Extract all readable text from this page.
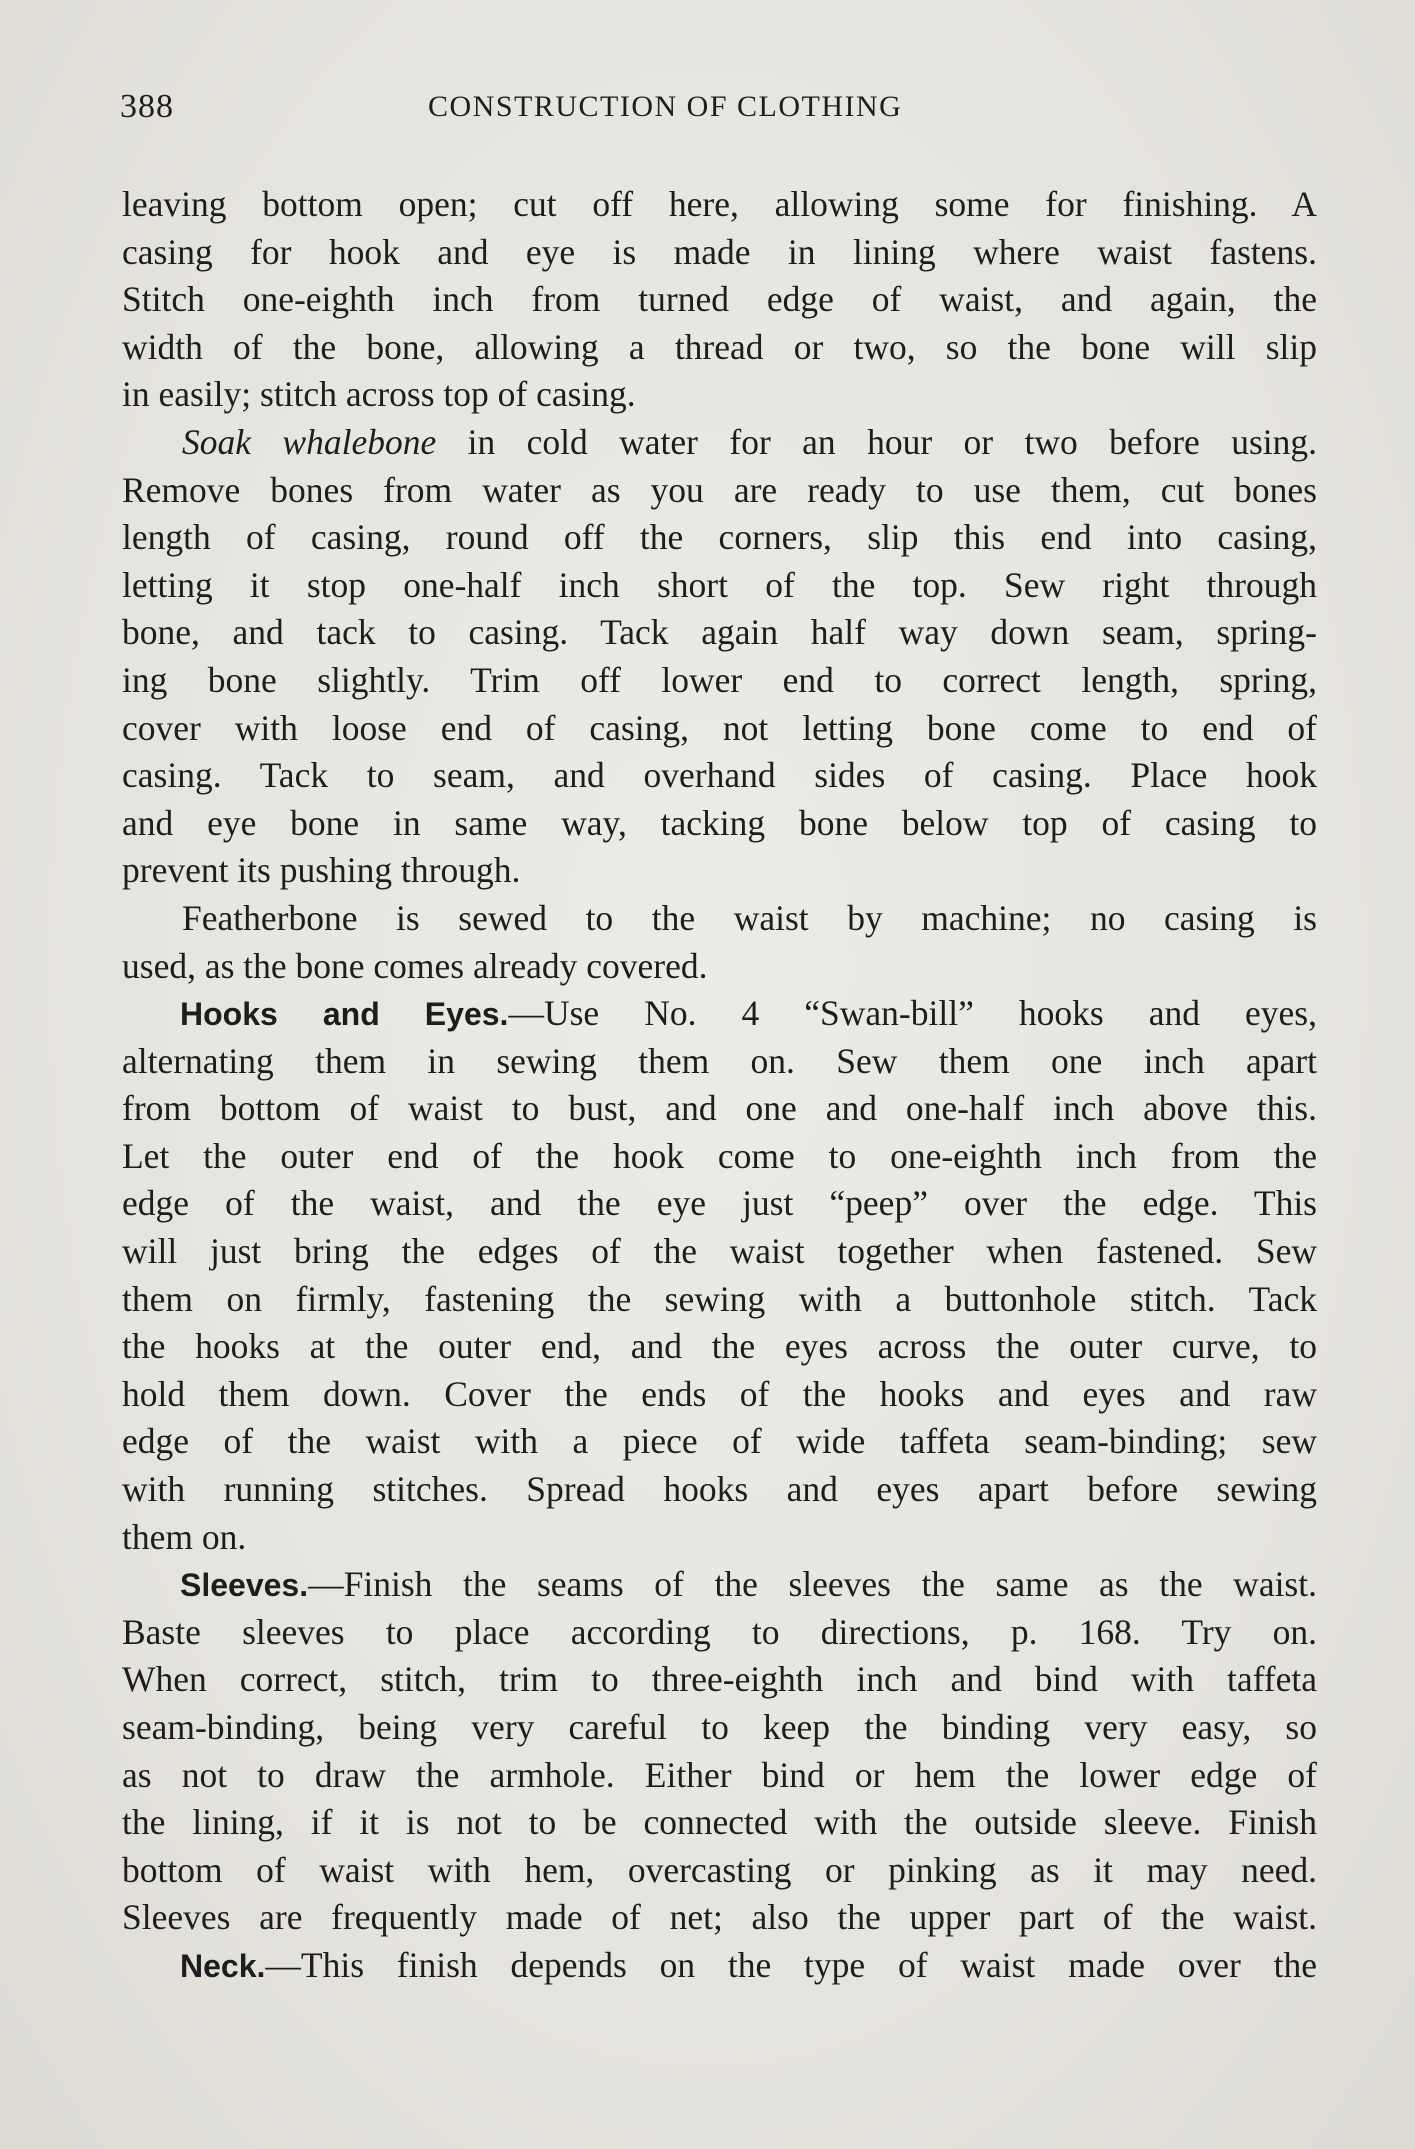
388	CONSTRUCTION OF CLOTHING
leaving bottom open; cut off here, allowing some for finishing. A
casing for hook and eye is made in lining where waist fastens.
Stitch one-eighth inch from turned edge of waist, and again, the
width of the bone, allowing a thread or two, so the bone will slip
in easily; stitch across top of casing.
Soak whalebone in cold water for an hour or two before using.
Remove bones from water as you are ready to use them, cut bones
length of casing, round off the corners, slip this end into casing,
letting it stop one-half inch short of the top. Sew right through
bone, and tack to casing. Tack again half way down seam, spring-
ing bone slightly. Trim off lower end to correct length, spring,
cover with loose end of casing, not letting bone come to end of
casing. Tack to seam, and overhand sides of casing. Place hook
and eye bone in same way, tacking bone below top of casing to
prevent its pushing through.
Featherbone is sewed to the waist by machine; no casing is
used, as the bone comes already covered.
Hooks and Eyes.—Use No. 4 “Swan-bill” hooks and eyes,
alternating them in sewing them on. Sew them one inch apart
from bottom of waist to bust, and one and one-half inch above this.
Let the outer end of the hook come to one-eighth inch from the
edge of the waist, and the eye just “peep” over the edge. This
will just bring the edges of the waist together when fastened. Sew
them on firmly, fastening the sewing with a buttonhole stitch. Tack
the hooks at the outer end, and the eyes across the outer curve, to
hold them down. Cover the ends of the hooks and eyes and raw
edge of the waist with a piece of wide taffeta seam-binding; sew
with running stitches. Spread hooks and eyes apart before sewing
them on.
Sleeves.—Finish the seams of the sleeves the same as the waist.
Baste sleeves to place according to directions, p. 168. Try on.
When correct, stitch, trim to three-eighth inch and bind with taffeta
seam-binding, being very careful to keep the binding very easy, so
as not to draw the armhole. Either bind or hem the lower edge of
the lining, if it is not to be connected with the outside sleeve. Finish
bottom of waist with hem, overcasting or pinking as it may need.
Sleeves are frequently made of net; also the upper part of the waist.
Neck.—This finish depends on the type of waist made over the
